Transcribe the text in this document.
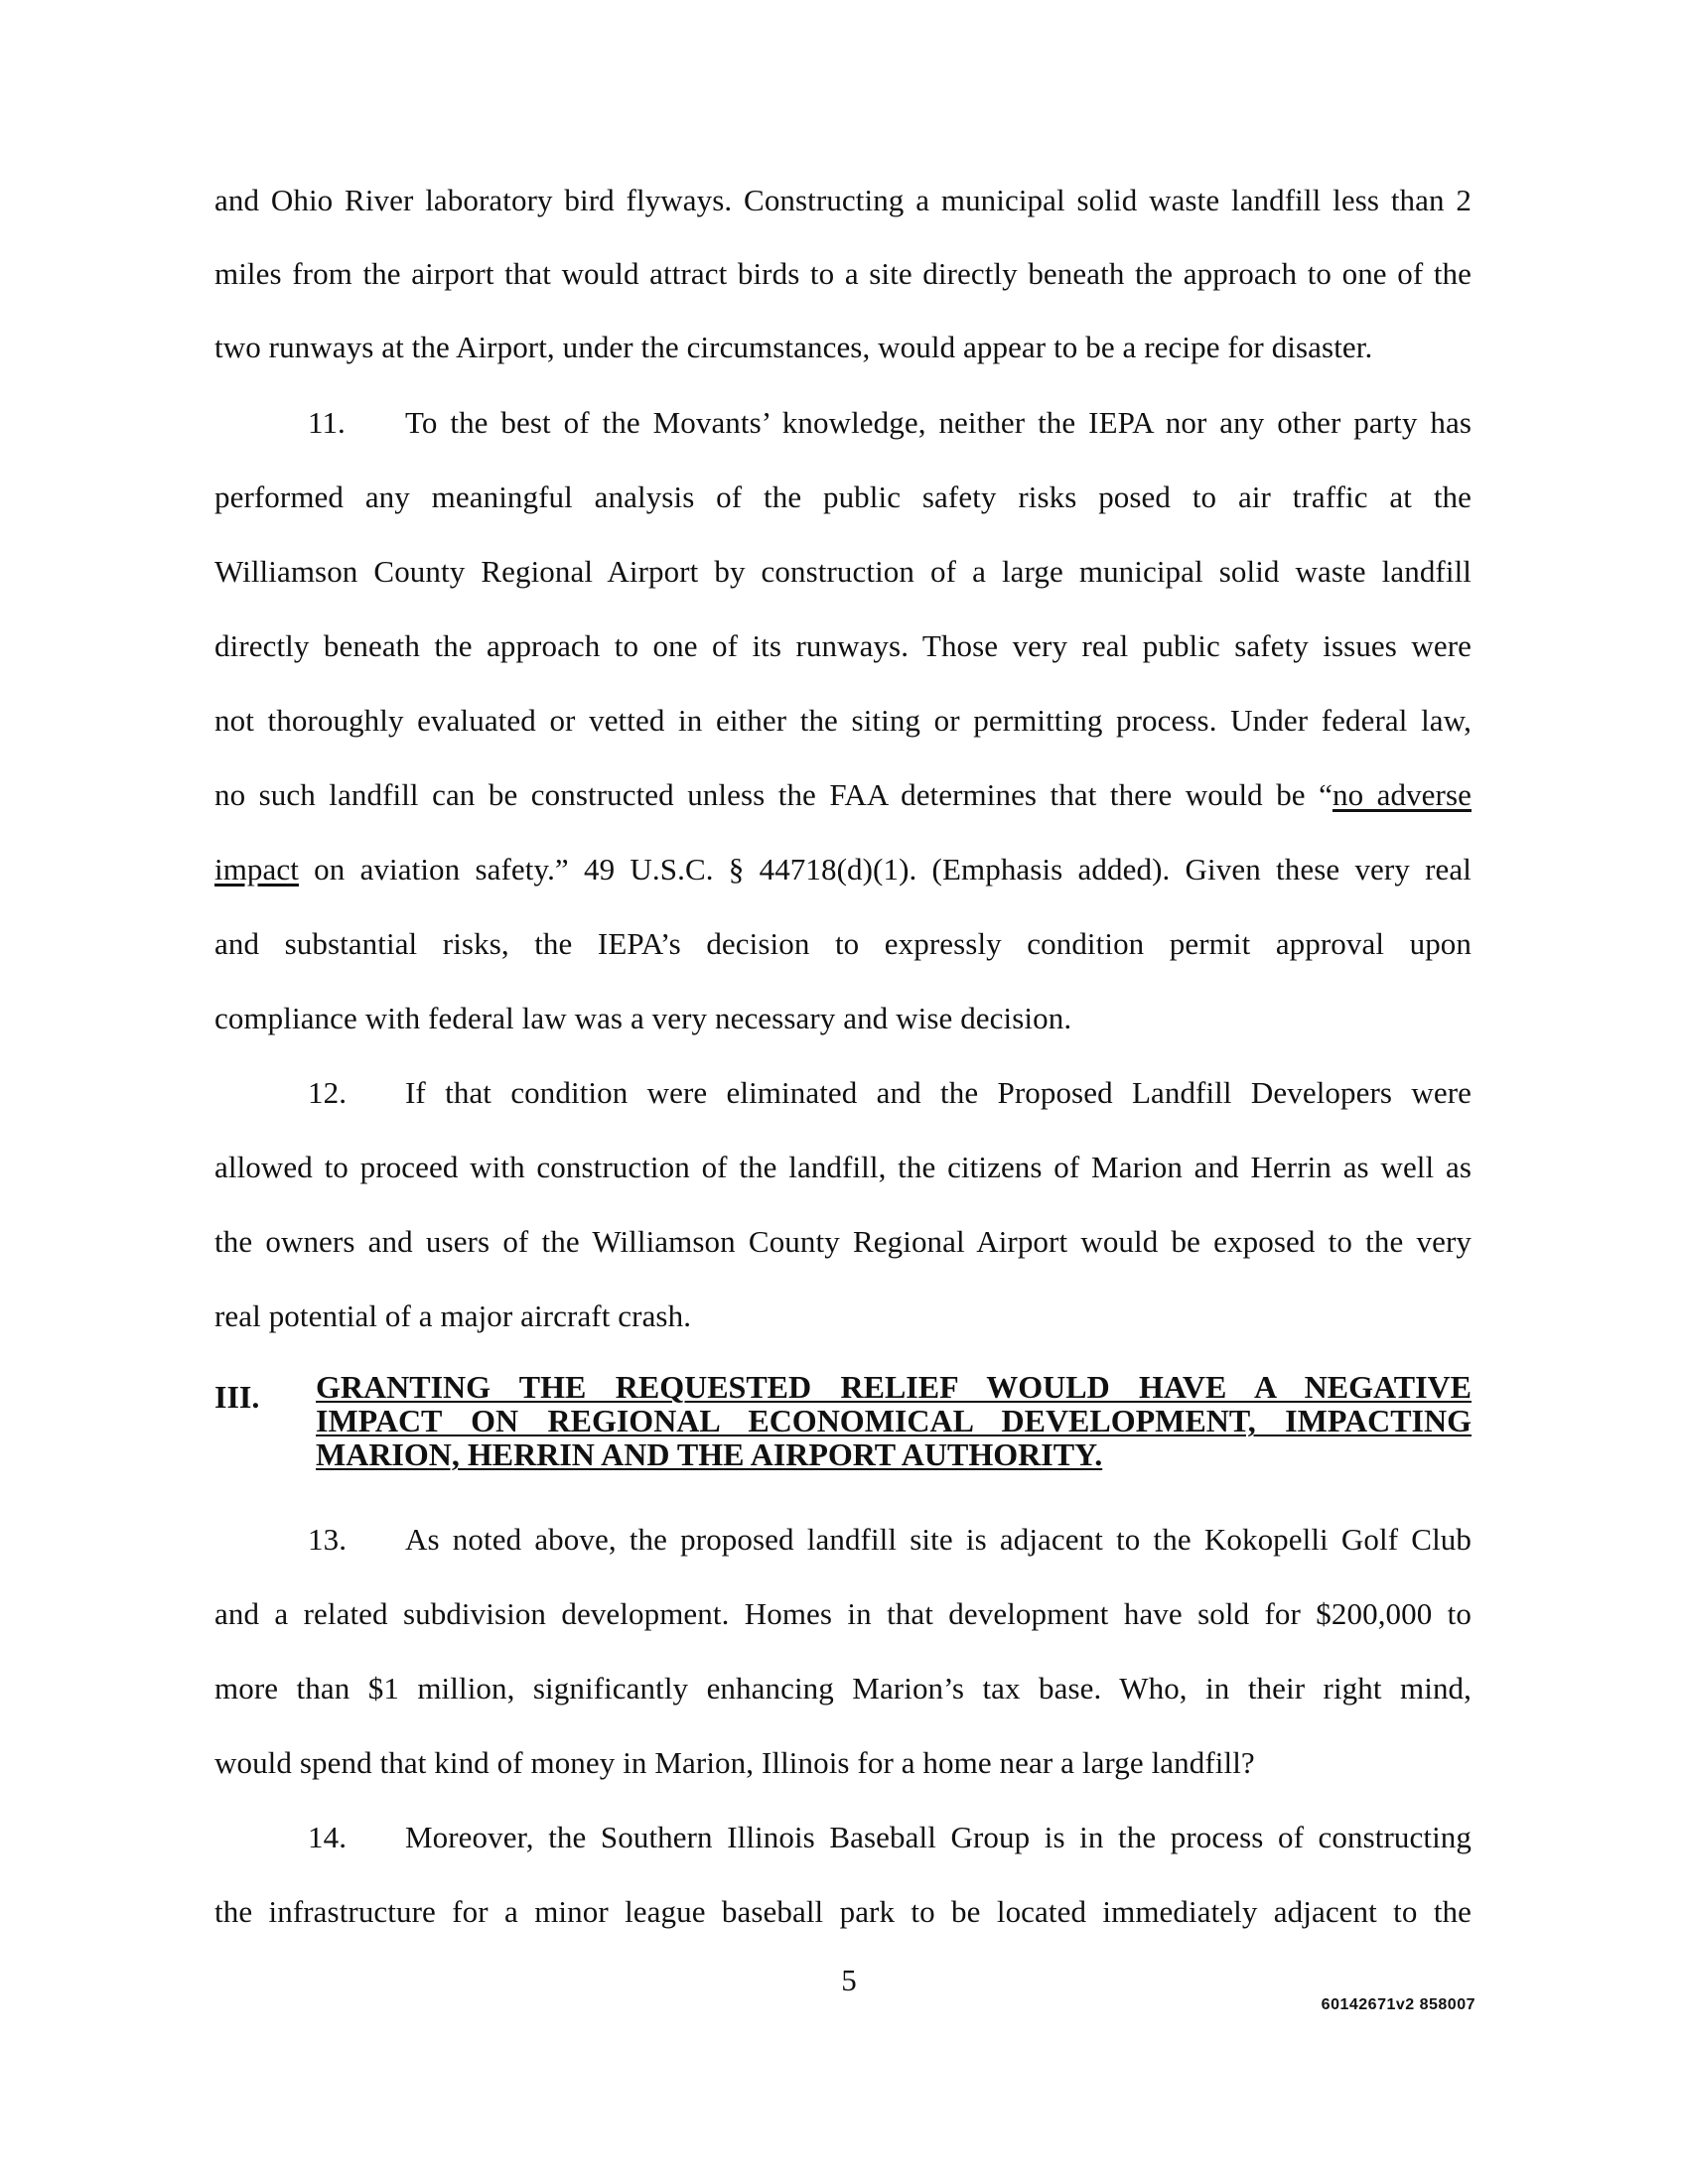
and Ohio River laboratory bird flyways. Constructing a municipal solid waste landfill less than 2
miles from the airport that would attract birds to a site directly beneath the approach to one of the
two runways at the Airport, under the circumstances, would appear to be a recipe for disaster.
11. To the best of the Movants’ knowledge, neither the IEPA nor any other party has
performed any meaningful analysis of the public safety risks posed to air traffic at the
Williamson County Regional Airport by construction of a large municipal solid waste landfill
directly beneath the approach to one of its runways. Those very real public safety issues were
not thoroughly evaluated or vetted in either the siting or permitting process. Under federal law,
no such landfill can be constructed unless the FAA determines that there would be “no adverse
impact on aviation safety.” 49 U.S.C. § 44718(d)(1). (Emphasis added). Given these very real
and substantial risks, the IEPA’s decision to expressly condition permit approval upon
compliance with federal law was a very necessary and wise decision.
12. If that condition were eliminated and the Proposed Landfill Developers were
allowed to proceed with construction of the landfill, the citizens of Marion and Herrin as well as
the owners and users of the Williamson County Regional Airport would be exposed to the very
real potential of a major aircraft crash.
III. GRANTING THE REQUESTED RELIEF WOULD HAVE A NEGATIVE
IMPACT ON REGIONAL ECONOMICAL DEVELOPMENT, IMPACTING
MARION, HERRIN AND THE AIRPORT AUTHORITY.
13. As noted above, the proposed landfill site is adjacent to the Kokopelli Golf Club
and a related subdivision development. Homes in that development have sold for $200,000 to
more than $1 million, significantly enhancing Marion’s tax base. Who, in their right mind,
would spend that kind of money in Marion, Illinois for a home near a large landfill?
14. Moreover, the Southern Illinois Baseball Group is in the process of constructing
the infrastructure for a minor league baseball park to be located immediately adjacent to the
5
60142671v2 858007
